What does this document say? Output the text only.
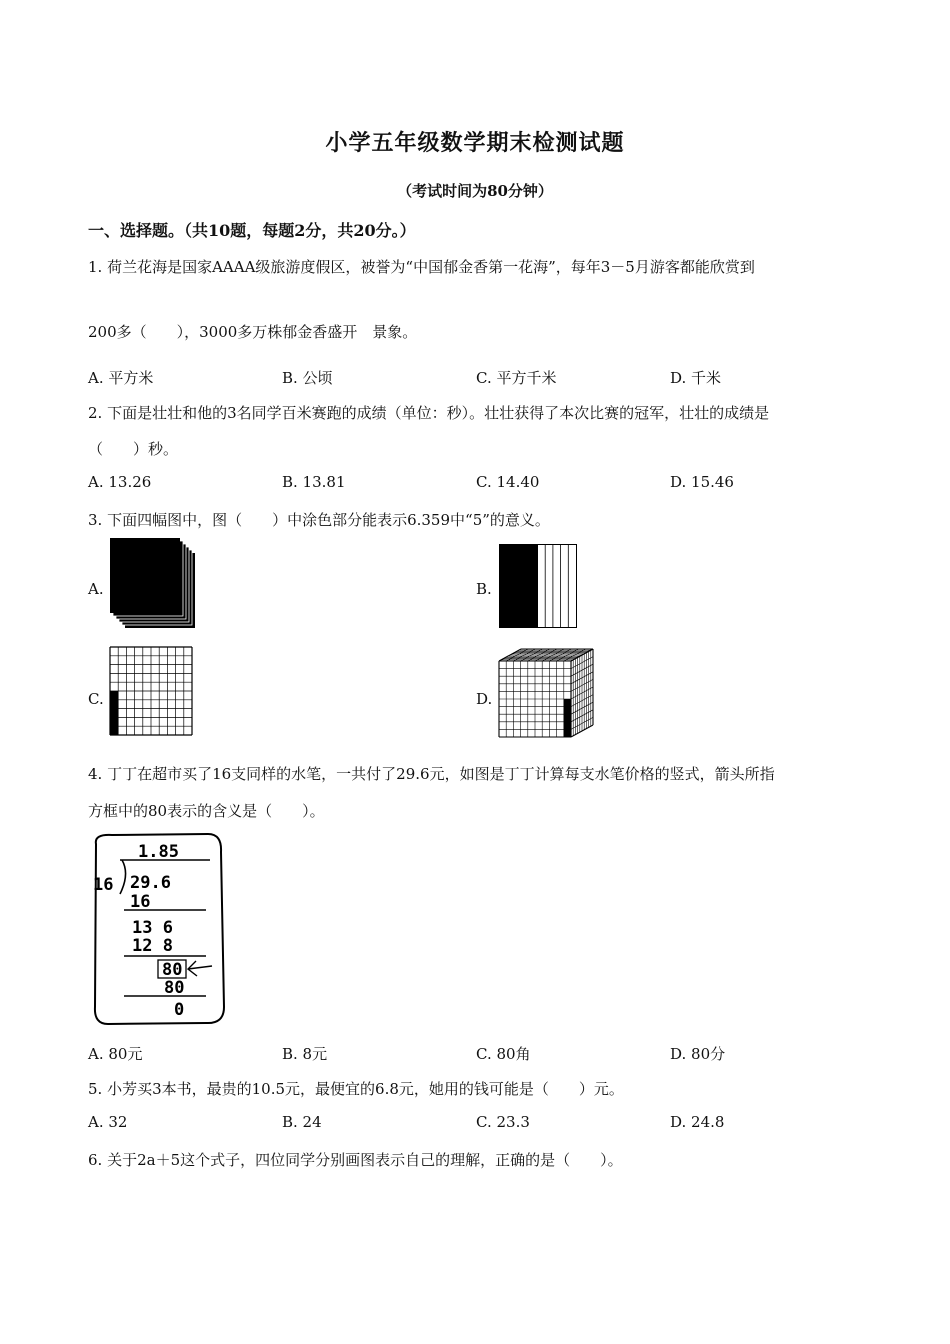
小学五年级数学期末检测试题
（考试时间为80分钟）
一、选择题。（共10题，每题2分，共20分。）
1. 荷兰花海是国家AAAA级旅游度假区，被誉为“中国郁金香第一花海”，每年3－5月游客都能欣赏到
200多（　　），3000多万株郁金香盛开　景象。
A. 平方米	B. 公顷	C. 平方千米	D. 千米
2. 下面是壮壮和他的3名同学百米赛跑的成绩（单位：秒）。壮壮获得了本次比赛的冠军，壮壮的成绩是
（　　）秒。
A. 13.26	B. 13.81	C. 14.40	D. 15.46
3. 下面四幅图中，图（　　）中涂色部分能表示6.359中“5”的意义。
A.	B.
C.	D.
4. 丁丁在超市买了16支同样的水笔，一共付了29.6元，如图是丁丁计算每支水笔价格的竖式，箭头所指
方框中的80表示的含义是（　　）。
1.85
16 29.6
16
13 6
12 8
80
80
0
A. 80元	B. 8元	C. 80角	D. 80分
5. 小芳买3本书，最贵的10.5元，最便宜的6.8元，她用的钱可能是（　　）元。
A. 32	B. 24	C. 23.3	D. 24.8
6. 关于2a＋5这个式子，四位同学分别画图表示自己的理解，正确的是（　　）。
